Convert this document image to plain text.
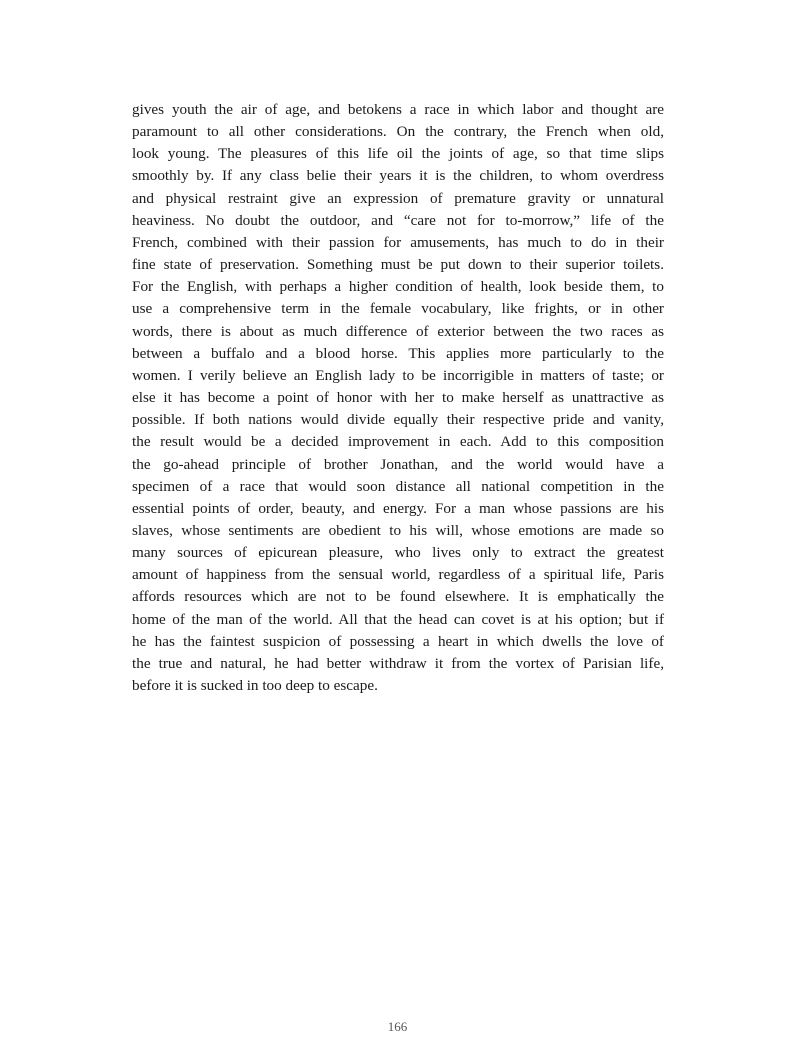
gives youth the air of age, and betokens a race in which labor and thought are
paramount to all other considerations. On the contrary, the French when old,
look young. The pleasures of this life oil the joints of age, so that time slips
smoothly by. If any class belie their years it is the children, to whom overdress
and physical restraint give an expression of premature gravity or unnatural
heaviness. No doubt the outdoor, and “care not for to-morrow,” life of the
French, combined with their passion for amusements, has much to do in their
fine state of preservation. Something must be put down to their superior toilets.
For the English, with perhaps a higher condition of health, look beside them, to
use a comprehensive term in the female vocabulary, like frights, or in other
words, there is about as much difference of exterior between the two races as
between a buffalo and a blood horse. This applies more particularly to the
women. I verily believe an English lady to be incorrigible in matters of taste; or
else it has become a point of honor with her to make herself as unattractive as
possible. If both nations would divide equally their respective pride and vanity,
the result would be a decided improvement in each. Add to this composition
the go-ahead principle of brother Jonathan, and the world would have a
specimen of a race that would soon distance all national competition in the
essential points of order, beauty, and energy. For a man whose passions are his
slaves, whose sentiments are obedient to his will, whose emotions are made so
many sources of epicurean pleasure, who lives only to extract the greatest
amount of happiness from the sensual world, regardless of a spiritual life, Paris
affords resources which are not to be found elsewhere. It is emphatically the
home of the man of the world. All that the head can covet is at his option; but if
he has the faintest suspicion of possessing a heart in which dwells the love of
the true and natural, he had better withdraw it from the vortex of Parisian life,
before it is sucked in too deep to escape.

166
